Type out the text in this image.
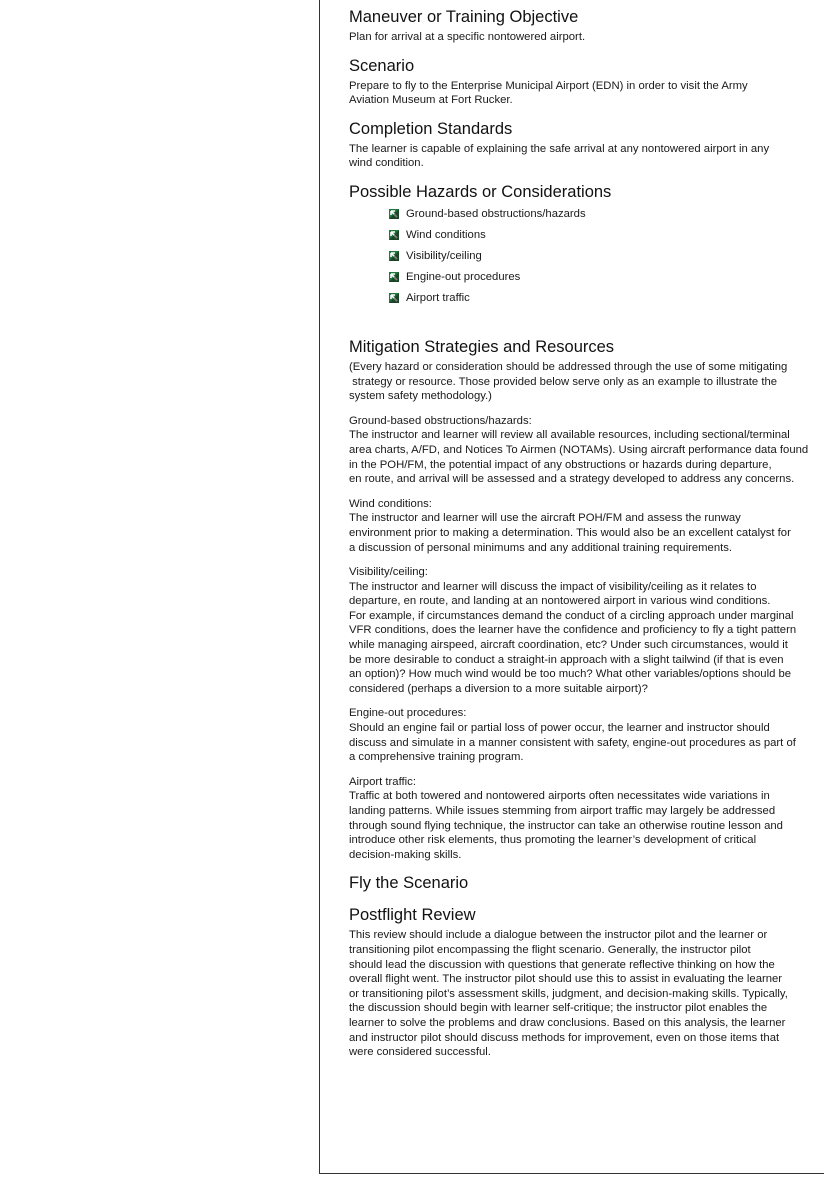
Maneuver or Training Objective

Plan for arrival at a specific nontowered airport.

Scenario

Prepare to fly to the Enterprise Municipal Airport (EDN) in order to visit the Army

Aviation Museum at Fort Rucker.

Completion Standards

The learner is capable of explaining the safe arrival at any nontowered airport in any

wind condition.

Possible Hazards or Considerations
Ground-based obstructions/hazards
Wind conditions
Visibility/ceiling
Engine-out procedures
Airport traffic
Mitigation Strategies and Resources

(Every hazard or consideration should be addressed through the use of some mitigating

strategy or resource. Those provided below serve only as an example to illustrate the

system safety methodology.)

Ground-based obstructions/hazards:

The instructor and learner will review all available resources, including sectional/terminal

area charts, A/FD, and Notices To Airmen (NOTAMs). Using aircraft performance data found

in the POH/FM, the potential impact of any obstructions or hazards during departure,

en route, and arrival will be assessed and a strategy developed to address any concerns.

Wind conditions:

The instructor and learner will use the aircraft POH/FM and assess the runway

environment prior to making a determination. This would also be an excellent catalyst for

a discussion of personal minimums and any additional training requirements.

Visibility/ceiling:

The instructor and learner will discuss the impact of visibility/ceiling as it relates to

departure, en route, and landing at an nontowered airport in various wind conditions.

For example, if circumstances demand the conduct of a circling approach under marginal

VFR conditions, does the learner have the confidence and proficiency to fly a tight pattern

while managing airspeed, aircraft coordination, etc? Under such circumstances, would it

be more desirable to conduct a straight-in approach with a slight tailwind (if that is even

an option)? How much wind would be too much? What other variables/options should be

considered (perhaps a diversion to a more suitable airport)?

Engine-out procedures:

Should an engine fail or partial loss of power occur, the learner and instructor should

discuss and simulate in a manner consistent with safety, engine-out procedures as part of

a comprehensive training program.

Airport traffic:

Traffic at both towered and nontowered airports often necessitates wide variations in

landing patterns. While issues stemming from airport traffic may largely be addressed

through sound flying technique, the instructor can take an otherwise routine lesson and

introduce other risk elements, thus promoting the learner’s development of critical

decision-making skills.

Fly the Scenario
Postflight Review

This review should include a dialogue between the instructor pilot and the learner or

transitioning pilot encompassing the flight scenario. Generally, the instructor pilot

should lead the discussion with questions that generate reflective thinking on how the

overall flight went. The instructor pilot should use this to assist in evaluating the learner

or transitioning pilot’s assessment skills, judgment, and decision-making skills. Typically,

the discussion should begin with learner self-critique; the instructor pilot enables the

learner to solve the problems and draw conclusions. Based on this analysis, the learner

and instructor pilot should discuss methods for improvement, even on those items that

were considered successful.
